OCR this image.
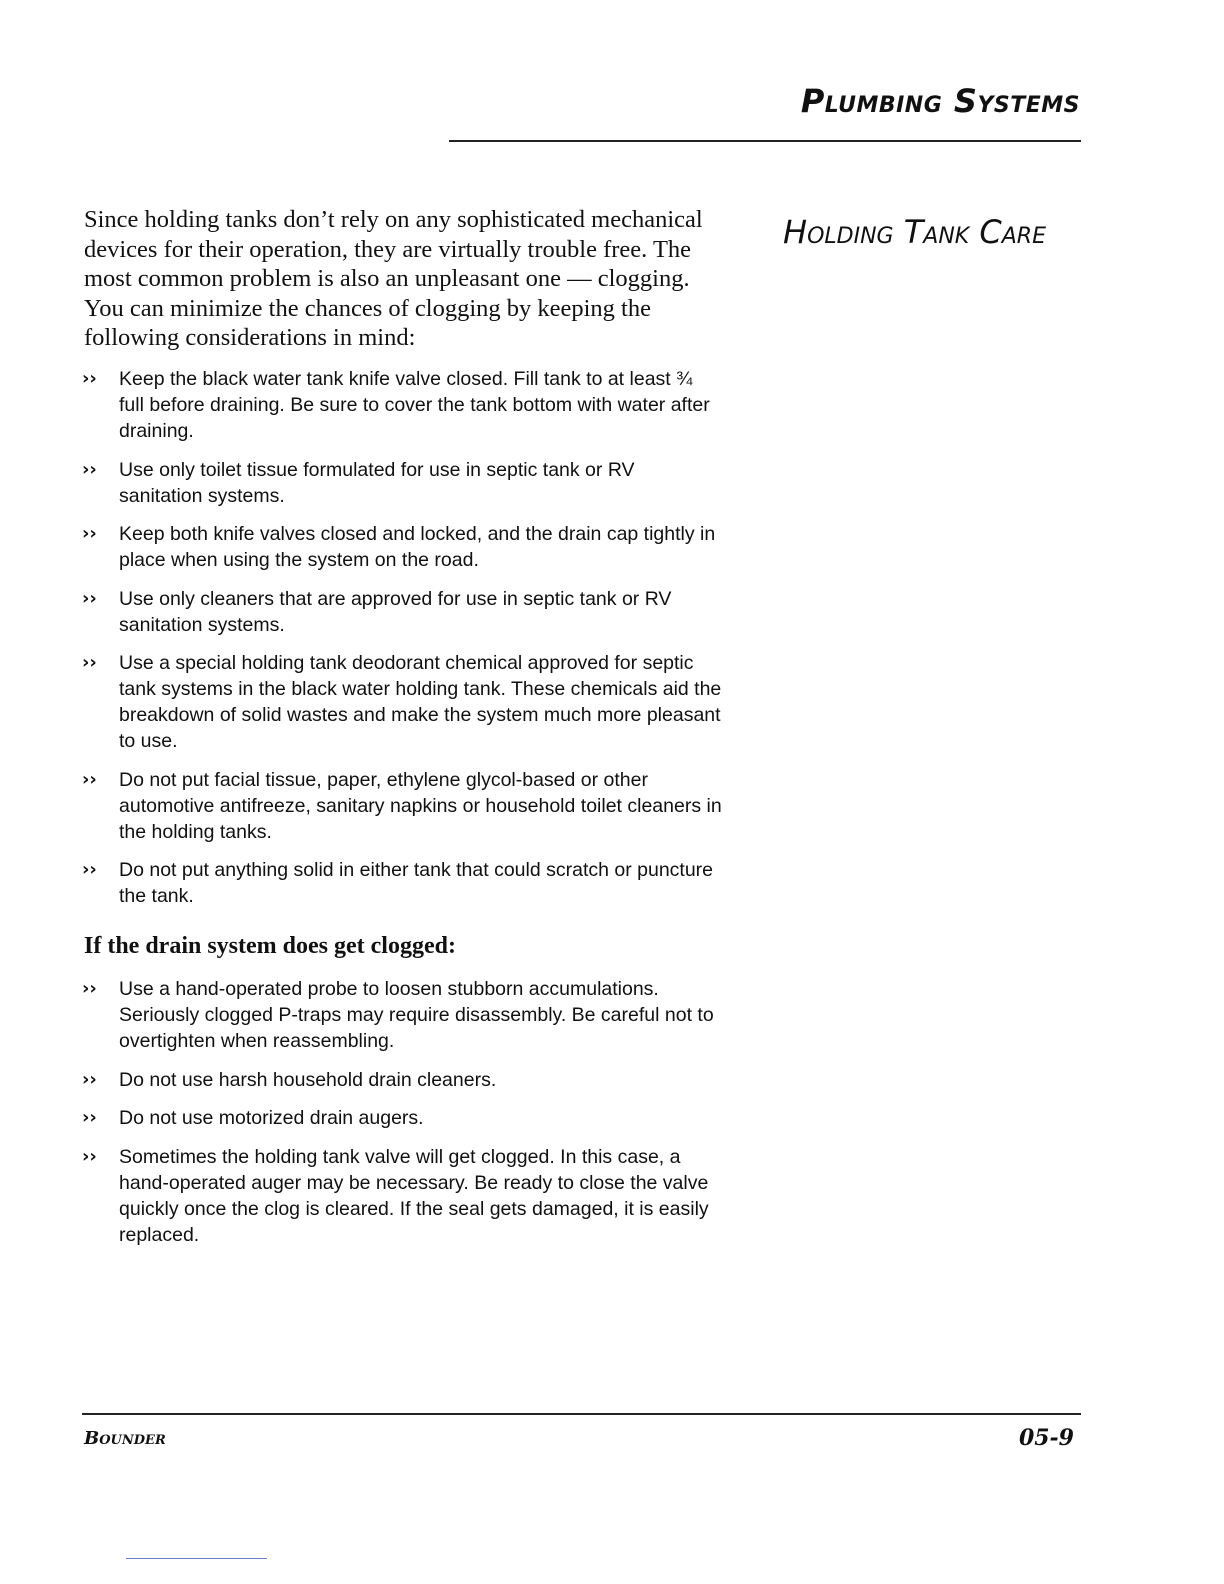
Plumbing Systems
Holding Tank Care

Since holding tanks don’t rely on any sophisticated mechanical devices for their operation, they are virtually trouble free. The most common problem is also an unpleasant one — clogging. You can minimize the chances of clogging by keeping the following considerations in mind:

›› Keep the black water tank knife valve closed. Fill tank to at least ¾ full before draining. Be sure to cover the tank bottom with water after draining.
›› Use only toilet tissue formulated for use in septic tank or RV sanitation systems.
›› Keep both knife valves closed and locked, and the drain cap tightly in place when using the system on the road.
›› Use only cleaners that are approved for use in septic tank or RV sanitation systems.
›› Use a special holding tank deodorant chemical approved for septic tank systems in the black water holding tank. These chemicals aid the breakdown of solid wastes and make the system much more pleasant to use.
›› Do not put facial tissue, paper, ethylene glycol-based or other automotive antifreeze, sanitary napkins or household toilet cleaners in the holding tanks.
›› Do not put anything solid in either tank that could scratch or puncture the tank.
If the drain system does get clogged:
›› Use a hand-operated probe to loosen stubborn accumulations. Seriously clogged P-traps may require disassembly. Be careful not to overtighten when reassembling.
›› Do not use harsh household drain cleaners.
›› Do not use motorized drain augers.
›› Sometimes the holding tank valve will get clogged. In this case, a hand-operated auger may be necessary. Be ready to close the valve quickly once the clog is cleared. If the seal gets damaged, it is easily replaced.
Bounder	05-9
